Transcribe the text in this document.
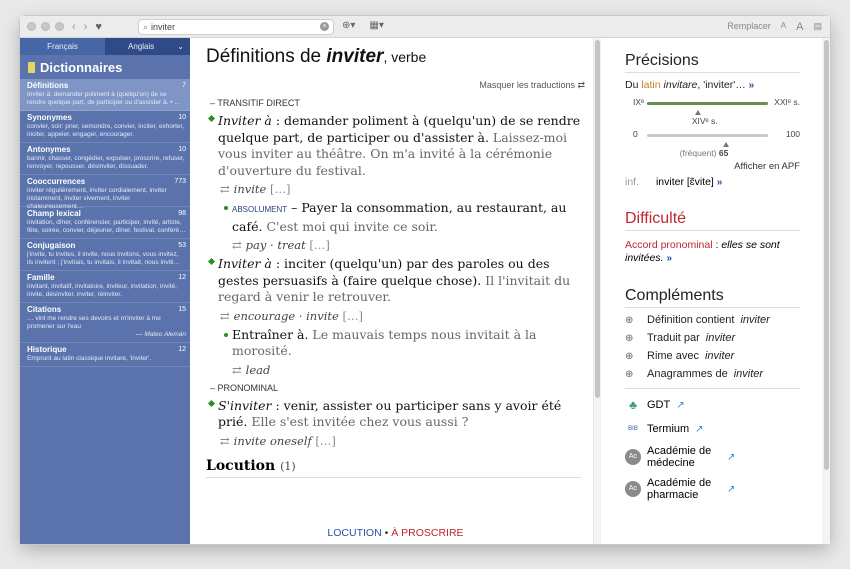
‹ › ♥	⌕
inviter	× ⊕▾ ▦▾	Remplacer A A ▤
Français	Anglais	⌄
Dictionnaires
Définitions	7
Inviter à: demander poliment à (quelqu'un) de se rendre quelque part, de participer ou d'assister à. • …
Synonymes	10
convier, soir: prier, semondre, convier, inciter, exhorter, inciter, appeler, engager, encourager.
Antonymes	10
bannir, chasser, congédier, expulser, proscrire, refuser, renvoyer, repousser, désinviter, dissuader.
Cooccurrences	773
inviter régulièrement, inviter cordialement, inviter instamment, inviter vivement, inviter chaleureusement…
Champ lexical	98
invitation, dîner, conférencier, participer, invité, artiste, fête, soirée, convier, déjeuner, dîner, festival, conféré…
Conjugaison	53
j'invite, tu invites, il invite, nous invitons, vous invitez, ils invitent ; j'invitais, tu invitais, il invitait, nous inviti…
Famille	12
invitant, invitatif, invitatoire, inviteur, invitation, invité, invite, désinviter, inviter, réinviter.
Citations	15
… vint me rendre ses devoirs et m'inviter à me promener sur l'eau
— Mateo Alemán
Historique	12
Emprunt au latin classique invitare, 'inviter'.
Définitions de inviter, verbe
Masquer les traductions ⇄
– TRANSITIF DIRECT
Inviter à : demander poliment à (quelqu'un) de se rendre quelque part, de participer ou d'assister à. Laissez-moi vous inviter au théâtre. On m'a invité à la cérémonie d'ouverture du festival.
⇄ invite […]
ABSOLUMENT – Payer la consommation, au restaurant, au café. C'est moi qui invite ce soir.
⇄ pay · treat […]
Inviter à : inciter (quelqu'un) par des paroles ou des gestes persuasifs à (faire quelque chose). Il l'invitait du regard à venir le retrouver.
⇄ encourage · invite […]
Entraîner à. Le mauvais temps nous invitait à la morosité.
⇄ lead
– PRONOMINAL
S'inviter : venir, assister ou participer sans y avoir été prié. Elle s'est invitée chez vous aussi ?
⇄ invite oneself […]
Locution (1)
LOCUTION • À PROSCRIRE
Précisions
Du latin invitare, 'inviter'… »
IXᵉ
XIVᵉ s.
XXIᵉ s.
0
(fréquent) 65
100
Afficher en APF
inf. inviter [ɛ̃vite] »
Difficulté
Accord pronominal : elles se sont invitées. »
Compléments
⊕	Définition contient inviter
⊕	Traduit par inviter
⊕	Rime avec inviter
⊕	Anagrammes de inviter
♣ GDT ↗
BIB Termium ↗
Ac Académie de médecine	↗
Ac Académie de pharmacie	↗
